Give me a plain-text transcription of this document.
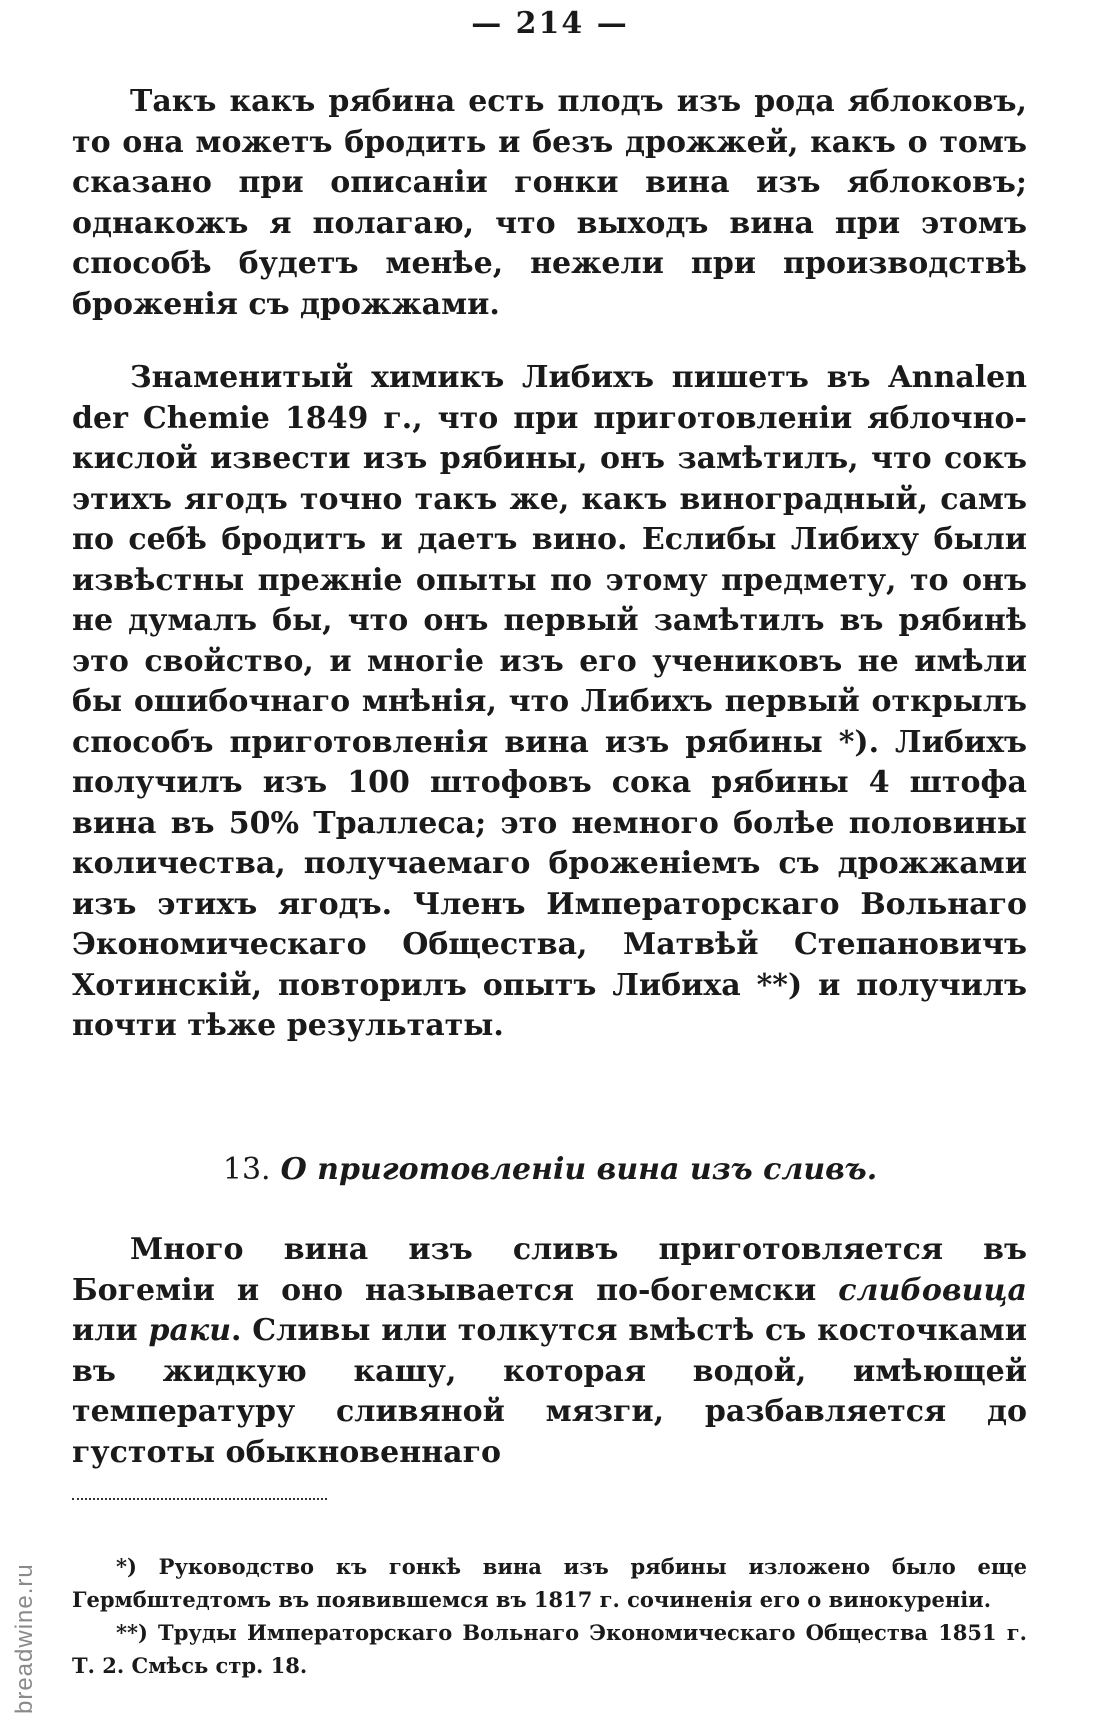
— 214 —

Такъ какъ рябина есть плодъ изъ рода яблоковъ, то она можетъ бродить и безъ дрожжей, какъ о томъ сказано при описанiи гонки вина изъ яблоковъ; однакожъ я полагаю, что выходъ вина при этомъ способѣ будетъ менѣе, нежели при производствѣ броженiя съ дрожжами.

Знаменитый химикъ Либихъ пишетъ въ Annalen der Chemie 1849 г., что при приготовленiи яблочно-кислой извести изъ рябины, онъ замѣтилъ, что сокъ этихъ ягодъ точно такъ же, какъ виноградный, самъ по себѣ бродитъ и даетъ вино. Еслибы Либиху были извѣстны прежнiе опыты по этому предмету, то онъ не думалъ бы, что онъ первый замѣтилъ въ рябинѣ это свойство, и многiе изъ его учениковъ не имѣли бы ошибочнаго мнѣнiя, что Либихъ первый открылъ способъ приготовленiя вина изъ рябины *). Либихъ получилъ изъ 100 штофовъ сока рябины 4 штофа вина въ 50% Траллеса; это немного болѣе половины количества, получаемаго броженiемъ съ дрожжами изъ этихъ ягодъ. Членъ Императорскаго Вольнаго Экономическаго Общества, Матвѣй Степановичъ Хотинскiй, повторилъ опытъ Либиха **) и получилъ почти тѣже результаты.

13. О приготовленiи вина изъ сливъ.

Много вина изъ сливъ приготовляется въ Богемiи и оно называется по-богемски слибовица или раки. Сливы или толкутся вмѣстѣ съ косточками въ жидкую кашу, которая водой, имѣющей температуру сливяной мязги, разбавляется до густоты обыкновеннаго

*) Руководство къ гонкѣ вина изъ рябины изложено было еще Гермбштедтомъ въ появившемся въ 1817 г. сочиненiя его о винокуренiи.

**) Труды Императорскаго Вольнаго Экономическаго Общества 1851 г. Т. 2. Смѣсь стр. 18.

breadwine.ru
